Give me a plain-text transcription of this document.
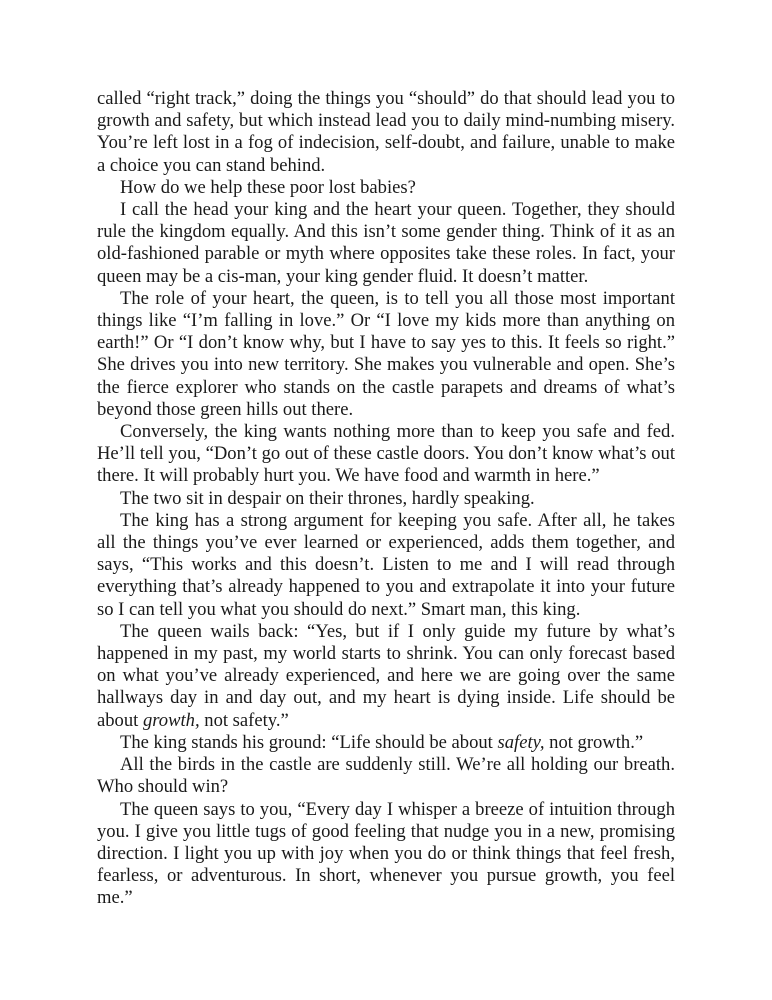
called “right track,” doing the things you “should” do that should lead you to growth and safety, but which instead lead you to daily mind-numbing misery. You’re left lost in a fog of indecision, self-doubt, and failure, unable to make a choice you can stand behind.

How do we help these poor lost babies?

I call the head your king and the heart your queen. Together, they should rule the kingdom equally. And this isn’t some gender thing. Think of it as an old-fashioned parable or myth where opposites take these roles. In fact, your queen may be a cis-man, your king gender fluid. It doesn’t matter.

The role of your heart, the queen, is to tell you all those most important things like “I’m falling in love.” Or “I love my kids more than anything on earth!” Or “I don’t know why, but I have to say yes to this. It feels so right.” She drives you into new territory. She makes you vulnerable and open. She’s the fierce explorer who stands on the castle parapets and dreams of what’s beyond those green hills out there.

Conversely, the king wants nothing more than to keep you safe and fed. He’ll tell you, “Don’t go out of these castle doors. You don’t know what’s out there. It will probably hurt you. We have food and warmth in here.”

The two sit in despair on their thrones, hardly speaking.

The king has a strong argument for keeping you safe. After all, he takes all the things you’ve ever learned or experienced, adds them together, and says, “This works and this doesn’t. Listen to me and I will read through everything that’s already happened to you and extrapolate it into your future so I can tell you what you should do next.” Smart man, this king.

The queen wails back: “Yes, but if I only guide my future by what’s happened in my past, my world starts to shrink. You can only forecast based on what you’ve already experienced, and here we are going over the same hallways day in and day out, and my heart is dying inside. Life should be about growth, not safety.”

The king stands his ground: “Life should be about safety, not growth.”

All the birds in the castle are suddenly still. We’re all holding our breath. Who should win?

The queen says to you, “Every day I whisper a breeze of intuition through you. I give you little tugs of good feeling that nudge you in a new, promising direction. I light you up with joy when you do or think things that feel fresh, fearless, or adventurous. In short, whenever you pursue growth, you feel me.”
